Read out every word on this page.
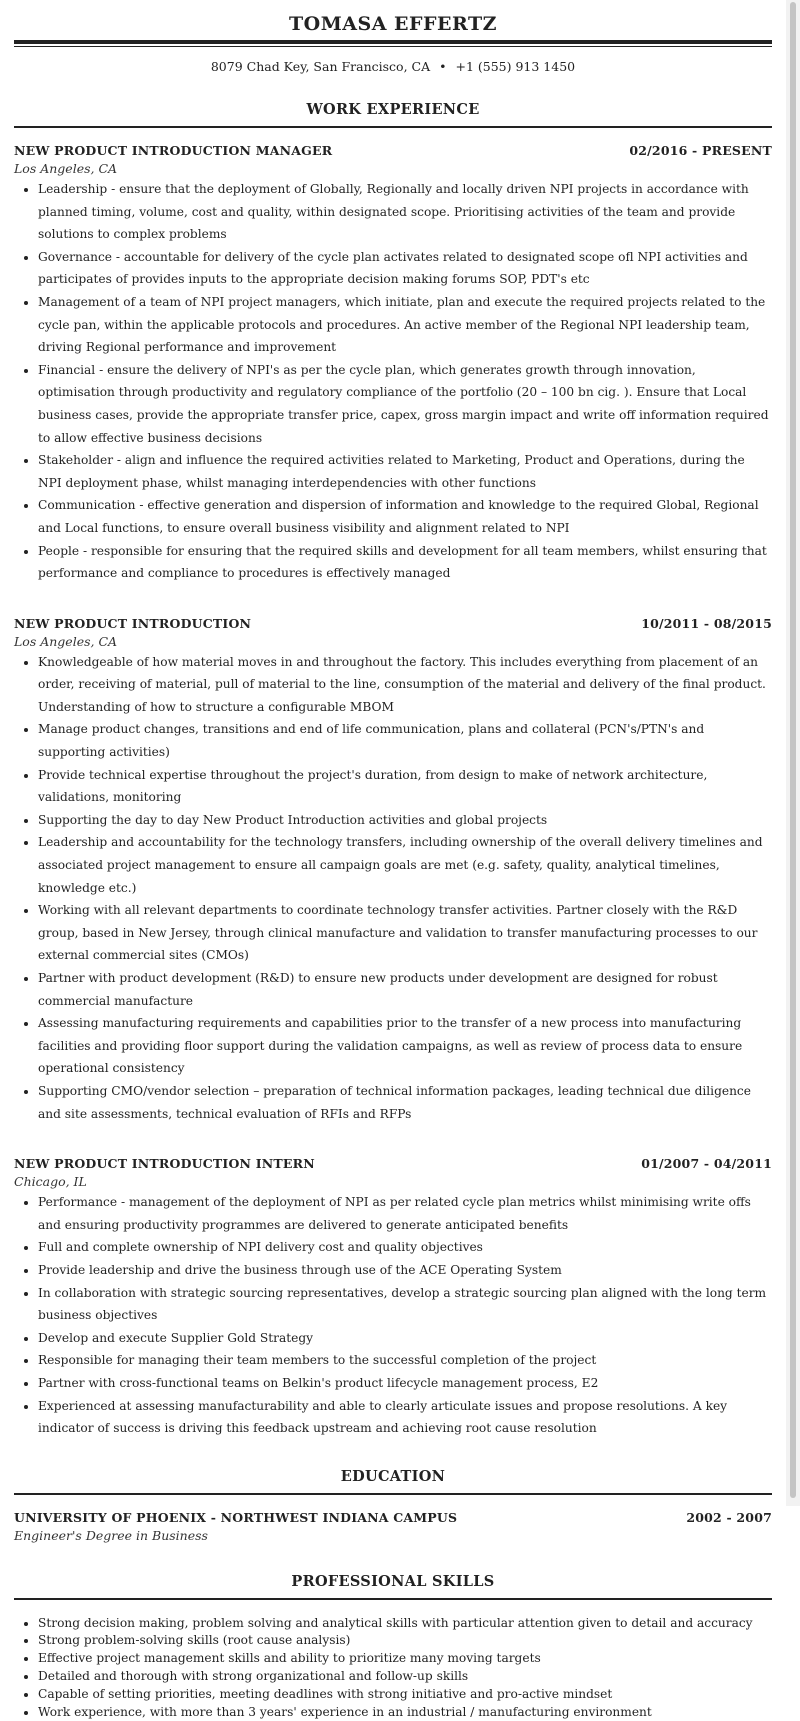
TOMASA EFFERTZ
8079 Chad Key, San Francisco, CA • +1 (555) 913 1450
WORK EXPERIENCE
NEW PRODUCT INTRODUCTION MANAGER	02/2016 - PRESENT
Los Angeles, CA
• Leadership - ensure that the deployment of Globally, Regionally and locally driven NPI projects in accordance with planned timing, volume, cost and quality, within designated scope. Prioritising activities of the team and provide solutions to complex problems
• Governance - accountable for delivery of the cycle plan activates related to designated scope ofl NPI activities and participates of provides inputs to the appropriate decision making forums SOP, PDT's etc
• Management of a team of NPI project managers, which initiate, plan and execute the required projects related to the cycle pan, within the applicable protocols and procedures. An active member of the Regional NPI leadership team, driving Regional performance and improvement
• Financial - ensure the delivery of NPI's as per the cycle plan, which generates growth through innovation, optimisation through productivity and regulatory compliance of the portfolio (20 – 100 bn cig. ). Ensure that Local business cases, provide the appropriate transfer price, capex, gross margin impact and write off information required to allow effective business decisions
• Stakeholder - align and influence the required activities related to Marketing, Product and Operations, during the NPI deployment phase, whilst managing interdependencies with other functions
• Communication - effective generation and dispersion of information and knowledge to the required Global, Regional and Local functions, to ensure overall business visibility and alignment related to NPI
• People - responsible for ensuring that the required skills and development for all team members, whilst ensuring that performance and compliance to procedures is effectively managed
NEW PRODUCT INTRODUCTION	10/2011 - 08/2015
Los Angeles, CA
• Knowledgeable of how material moves in and throughout the factory. This includes everything from placement of an order, receiving of material, pull of material to the line, consumption of the material and delivery of the final product. Understanding of how to structure a configurable MBOM
• Manage product changes, transitions and end of life communication, plans and collateral (PCN's/PTN's and supporting activities)
• Provide technical expertise throughout the project's duration, from design to make of network architecture, validations, monitoring
• Supporting the day to day New Product Introduction activities and global projects
• Leadership and accountability for the technology transfers, including ownership of the overall delivery timelines and associated project management to ensure all campaign goals are met (e.g. safety, quality, analytical timelines, knowledge etc.)
• Working with all relevant departments to coordinate technology transfer activities. Partner closely with the R&D group, based in New Jersey, through clinical manufacture and validation to transfer manufacturing processes to our external commercial sites (CMOs)
• Partner with product development (R&D) to ensure new products under development are designed for robust commercial manufacture
• Assessing manufacturing requirements and capabilities prior to the transfer of a new process into manufacturing facilities and providing floor support during the validation campaigns, as well as review of process data to ensure operational consistency
• Supporting CMO/vendor selection – preparation of technical information packages, leading technical due diligence and site assessments, technical evaluation of RFIs and RFPs
NEW PRODUCT INTRODUCTION INTERN	01/2007 - 04/2011
Chicago, IL
• Performance - management of the deployment of NPI as per related cycle plan metrics whilst minimising write offs and ensuring productivity programmes are delivered to generate anticipated benefits
• Full and complete ownership of NPI delivery cost and quality objectives
• Provide leadership and drive the business through use of the ACE Operating System
• In collaboration with strategic sourcing representatives, develop a strategic sourcing plan aligned with the long term business objectives
• Develop and execute Supplier Gold Strategy
• Responsible for managing their team members to the successful completion of the project
• Partner with cross-functional teams on Belkin's product lifecycle management process, E2
• Experienced at assessing manufacturability and able to clearly articulate issues and propose resolutions. A key indicator of success is driving this feedback upstream and achieving root cause resolution
EDUCATION
UNIVERSITY OF PHOENIX - NORTHWEST INDIANA CAMPUS	2002 - 2007
Engineer's Degree in Business
PROFESSIONAL SKILLS
• Strong decision making, problem solving and analytical skills with particular attention given to detail and accuracy
• Strong problem-solving skills (root cause analysis)
• Effective project management skills and ability to prioritize many moving targets
• Detailed and thorough with strong organizational and follow-up skills
• Capable of setting priorities, meeting deadlines with strong initiative and pro-active mindset
• Work experience, with more than 3 years' experience in an industrial / manufacturing environment
